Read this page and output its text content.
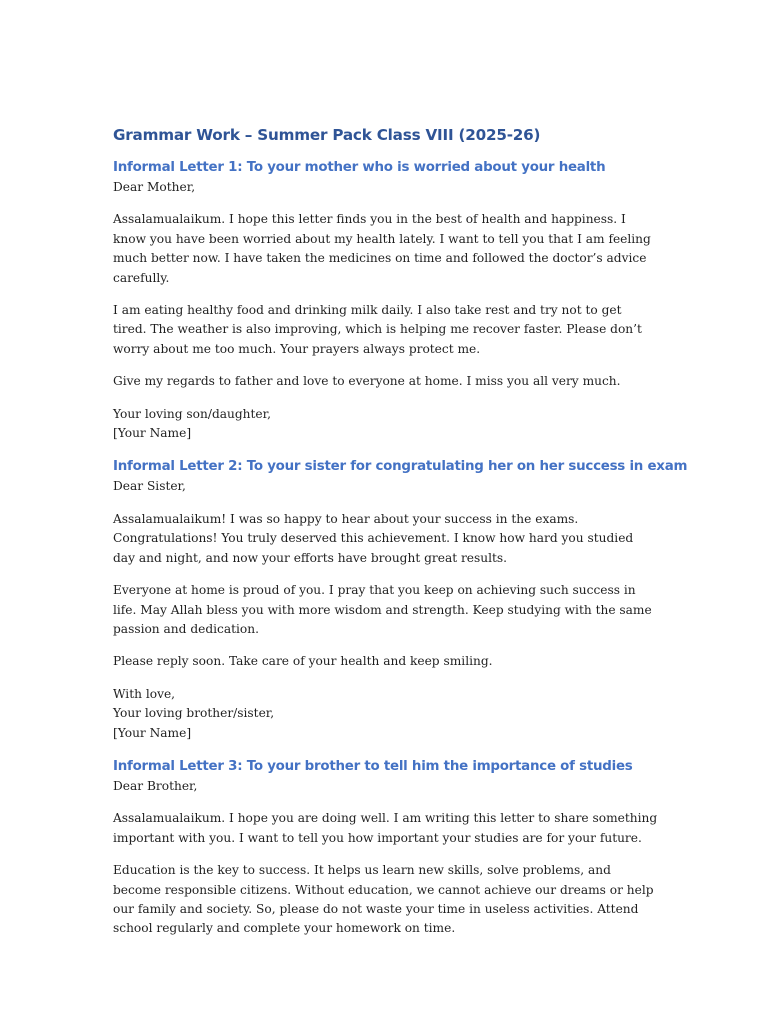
Grammar Work – Summer Pack Class VIII (2025-26)
Informal Letter 1: To your mother who is worried about your health

Dear Mother,

Assalamualaikum. I hope this letter finds you in the best of health and happiness. I know you have been worried about my health lately. I want to tell you that I am feeling much better now. I have taken the medicines on time and followed the doctor’s advice carefully.

I am eating healthy food and drinking milk daily. I also take rest and try not to get tired. The weather is also improving, which is helping me recover faster. Please don’t worry about me too much. Your prayers always protect me.

Give my regards to father and love to everyone at home. I miss you all very much.

Your loving son/daughter,
[Your Name]

Informal Letter 2: To your sister for congratulating her on her success in exam

Dear Sister,

Assalamualaikum! I was so happy to hear about your success in the exams. Congratulations! You truly deserved this achievement. I know how hard you studied day and night, and now your efforts have brought great results.

Everyone at home is proud of you. I pray that you keep on achieving such success in life. May Allah bless you with more wisdom and strength. Keep studying with the same passion and dedication.

Please reply soon. Take care of your health and keep smiling.

With love,
Your loving brother/sister,
[Your Name]

Informal Letter 3: To your brother to tell him the importance of studies

Dear Brother,

Assalamualaikum. I hope you are doing well. I am writing this letter to share something important with you. I want to tell you how important your studies are for your future.

Education is the key to success. It helps us learn new skills, solve problems, and become responsible citizens. Without education, we cannot achieve our dreams or help our family and society. So, please do not waste your time in useless activities. Attend school regularly and complete your homework on time.
